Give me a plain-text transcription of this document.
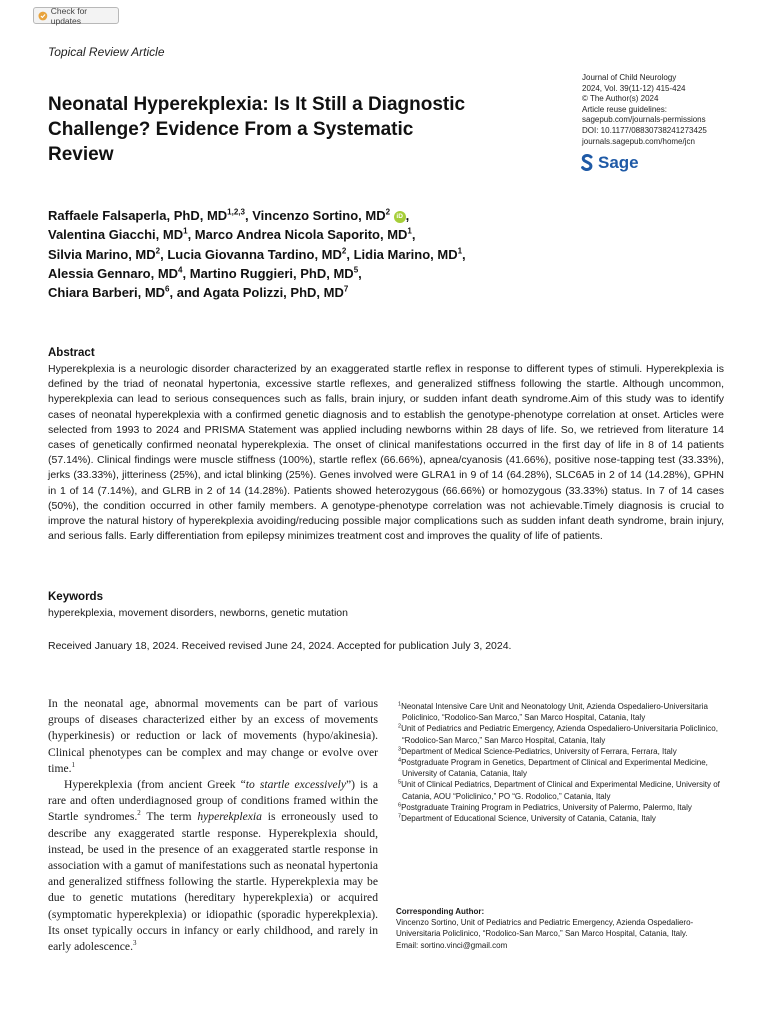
Check for updates
Topical Review Article
Neonatal Hyperekplexia: Is It Still a Diagnostic Challenge? Evidence From a Systematic Review
Journal of Child Neurology
2024, Vol. 39(11-12) 415-424
© The Author(s) 2024
Article reuse guidelines:
sagepub.com/journals-permissions
DOI: 10.1177/08830738241273425
journals.sagepub.com/home/jcn
Sage
Raffaele Falsaperla, PhD, MD$^{1,2,3}$, Vincenzo Sortino, $MD^2$ iD ,
Valentina Giacchi, $MD^1$, Marco Andrea Nicola Saporito, $MD^1$,
Silvia Marino, $MD^2$, Lucia Giovanna Tardino, $MD^2$, Lidia Marino, $MD^1$,
Alessia Gennaro, $MD^4$, Martino Ruggieri, PhD, $MD^5$,
Chiara Barberi, $MD^6$, and Agata Polizzi, PhD, $MD^7$
Abstract

Hyperekplexia is a neurologic disorder characterized by an exaggerated startle reflex in response to different types of stimuli. Hyperekplexia is defined by the triad of neonatal hypertonia, excessive startle reflexes, and generalized stiffness following the startle. Although uncommon, hyperekplexia can lead to serious consequences such as falls, brain injury, or sudden infant death syndrome.Aim of this study was to identify cases of neonatal hyperekplexia with a confirmed genetic diagnosis and to establish the genotype-phenotype correlation at onset. Articles were selected from 1993 to 2024 and PRISMA Statement was applied including newborns within 28 days of life. So, we retrieved from literature 14 cases of genetically confirmed neonatal hyperekplexia. The onset of clinical manifestations occurred in the first day of life in 8 of 14 patients (57.14%). Clinical findings were muscle stiffness (100%), startle reflex (66.66%), apnea/cyanosis (41.66%), positive nose-tapping test (33.33%), jerks (33.33%), jitteriness (25%), and ictal blinking (25%). Genes involved were GLRA1 in 9 of 14 (64.28%), SLC6A5 in 2 of 14 (14.28%), GPHN in 1 of 14 (7.14%), and GLRB in 2 of 14 (14.28%). Patients showed heterozygous (66.66%) or homozygous (33.33%) status. In 7 of 14 cases (50%), the condition occurred in other family members. A genotype-phenotype correlation was not achievable.Timely diagnosis is crucial to improve the natural history of hyperekplexia avoiding/reducing possible major complications such as sudden infant death syndrome, brain injury, and serious falls. Early differentiation from epilepsy minimizes treatment cost and improves the quality of life of patients.

Keywords
hyperekplexia, movement disorders, newborns, genetic mutation
Received January 18, 2024. Received revised June 24, 2024. Accepted for publication July 3, 2024.

In the neonatal age, abnormal movements can be part of various groups of diseases characterized either by an excess of movements (hyperkinesis) or reduction or lack of movements (hypo/akinesia). Clinical phenotypes can be complex and may change or evolve over time.$^1$

Hyperekplexia (from ancient Greek “to startle excessively”) is a rare and often underdiagnosed group of conditions framed within the Startle syndromes.$^2$ The term hyperekplexia is erroneously used to describe any exaggerated startle response. Hyperekplexia should, instead, be used in the presence of an exaggerated startle response in association with a gamut of manifestations such as neonatal hypertonia and generalized stiffness following the startle. Hyperekplexia may be due to genetic mutations (hereditary hyperekplexia) or acquired (symptomatic hyperekplexia) or idiopathic (sporadic hyperekplexia). Its onset typically occurs in infancy or early childhood, and rarely in early adolescence.$^3$

$^1$Neonatal Intensive Care Unit and Neonatology Unit, Azienda Ospedaliero-Universitaria Policlinico, “Rodolico-San Marco,” San Marco Hospital, Catania, Italy
$^2$Unit of Pediatrics and Pediatric Emergency, Azienda Ospedaliero-Universitaria Policlinico, “Rodolico-San Marco,” San Marco Hospital, Catania, Italy
$^3$Department of Medical Science-Pediatrics, University of Ferrara, Ferrara, Italy
$^4$Postgraduate Program in Genetics, Department of Clinical and Experimental Medicine, University of Catania, Catania, Italy
$^5$Unit of Clinical Pediatrics, Department of Clinical and Experimental Medicine, University of Catania, AOU “Policlinico,” PO “G. Rodolico,” Catania, Italy
$^6$Postgraduate Training Program in Pediatrics, University of Palermo, Palermo, Italy
$^7$Department of Educational Science, University of Catania, Catania, Italy
Corresponding Author:
Vincenzo Sortino, Unit of Pediatrics and Pediatric Emergency, Azienda Ospedaliero-Universitaria Policlinico, “Rodolico-San Marco,” San Marco Hospital, Catania, Italy.
Email: sortino.vinci@gmail.com
